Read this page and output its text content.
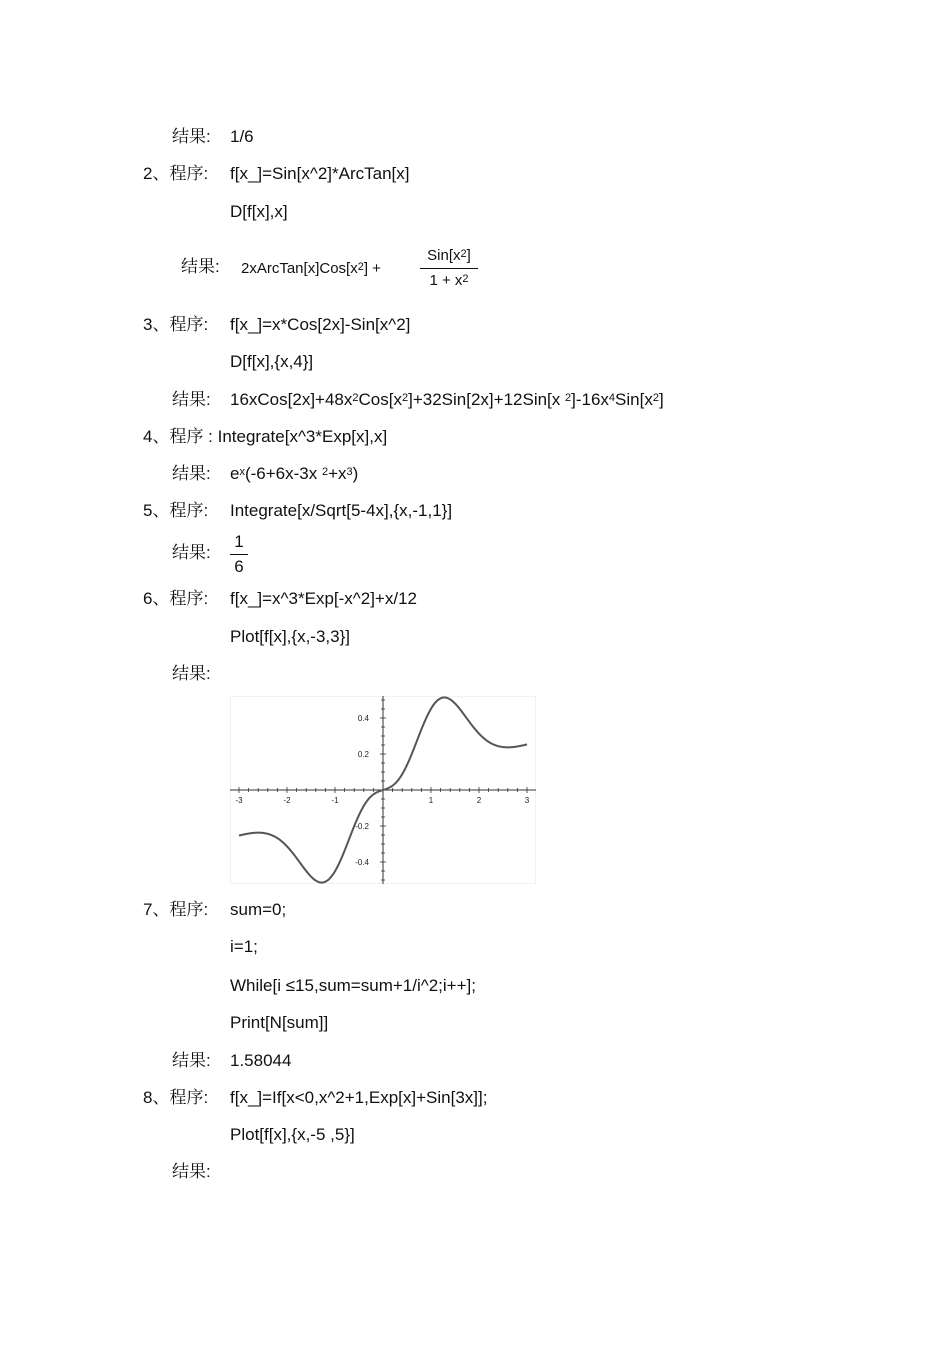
结果: 1/6
2、程序: f[x_]=Sin[x^2]*ArcTan[x]
D[f[x],x]
结果: $2xArcTan[x]Cos[x^2]$ +
$Sin[x^2]$
$1 + x^2$
3、程序: f[x_]=x*Cos[2x]-Sin[x^2]
D[f[x],{x,4}]
结果: $16xCos[2x]+48x^2Cos[x^2]+32Sin[2x]+12Sin[x$ $^2]-16x^4Sin[x^2]$
4、程序 : Integrate[x^3*Exp[x],x]
结果: $e^x(-6+6x-3x$ $^2+x^3$)
5、程序: Integrate[x/Sqrt[5-4x],{x,-1,1}]
结果:
1
6
6、程序: f[x_]=x^3*Exp[-x^2]+x/12
Plot[f[x],{x,-3,3}]
结果:
-3	-2	-1	1	2	3
0.4
0.2
-0.2
-0.4
7、程序: sum=0;
i=1;
While[i ≤15,sum=sum+1/i^2;i++];
Print[N[sum]]
结果: 1.58044
8、程序: f[x_]=If[x<0,x^2+1,Exp[x]+Sin[3x]];
Plot[f[x],{x,-5 ,5}]
结果:
